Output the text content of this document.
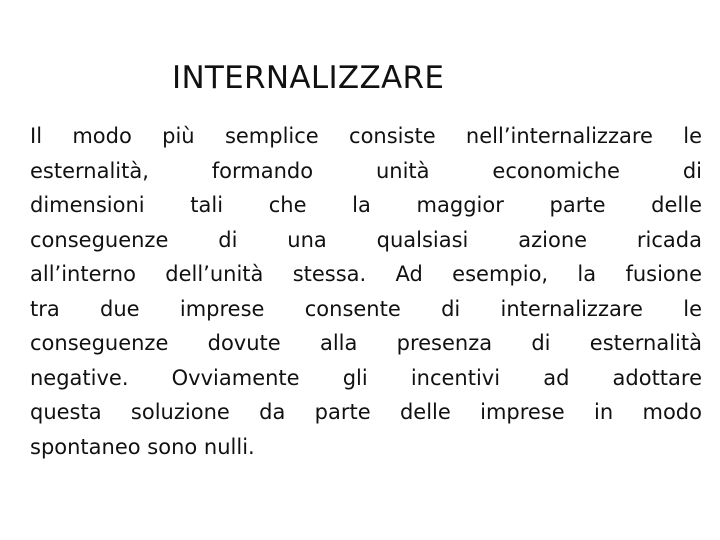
INTERNALIZZARE
Il modo più semplice consiste nell’internalizzare le
esternalità, formando unità economiche di
dimensioni tali che la maggior parte delle
conseguenze di una qualsiasi azione ricada
all’interno dell’unità stessa. Ad esempio, la fusione
tra due imprese consente di internalizzare le
conseguenze dovute alla presenza di esternalità
negative. Ovviamente gli incentivi ad adottare
questa soluzione da parte delle imprese in modo
spontaneo sono nulli.
